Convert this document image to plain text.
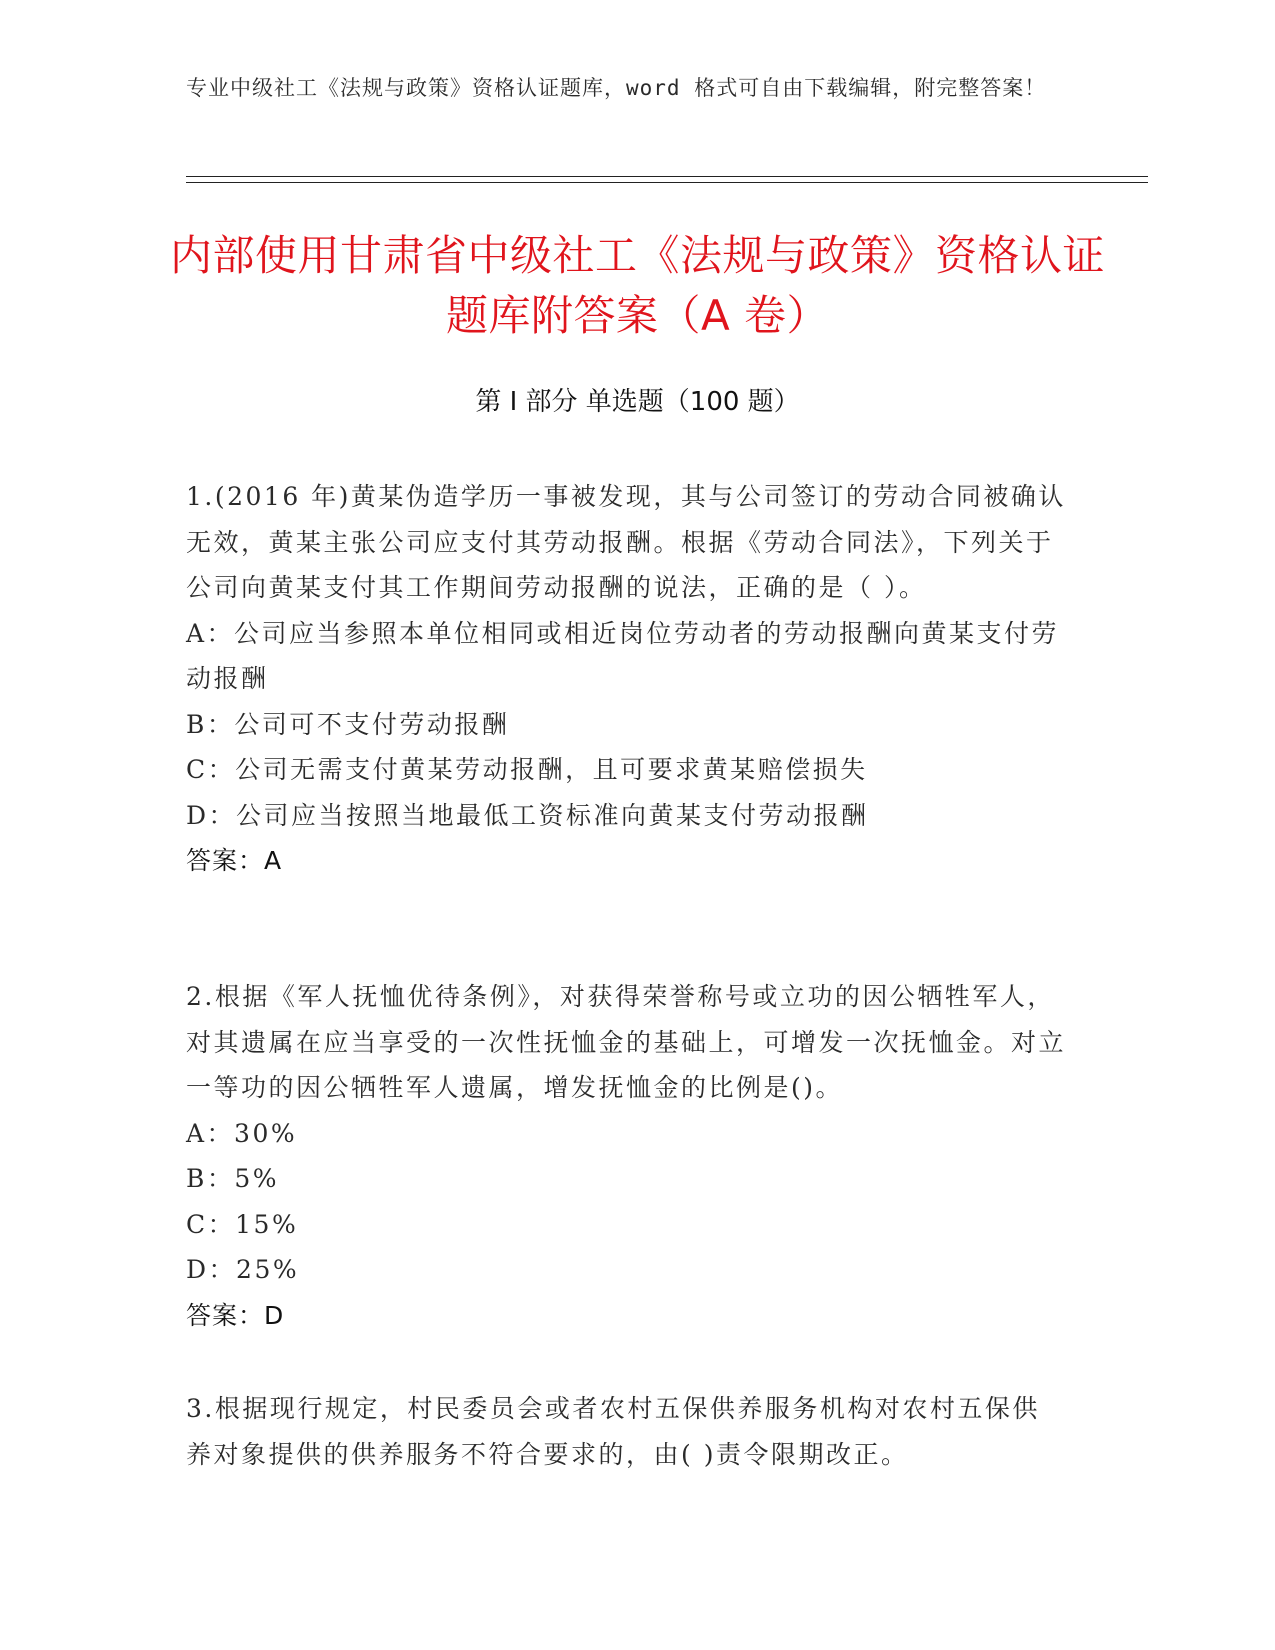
专业中级社工《法规与政策》资格认证题库，word 格式可自由下载编辑，附完整答案！
内部使用甘肃省中级社工《法规与政策》资格认证题库附答案（A 卷）
第 I 部分 单选题（100 题）

1.(2016 年)黄某伪造学历一事被发现，其与公司签订的劳动合同被确认无效，黄某主张公司应支付其劳动报酬。根据《劳动合同法》，下列关于公司向黄某支付其工作期间劳动报酬的说法，正确的是（ ）。

A：公司应当参照本单位相同或相近岗位劳动者的劳动报酬向黄某支付劳动报酬

B：公司可不支付劳动报酬

C：公司无需支付黄某劳动报酬，且可要求黄某赔偿损失

D：公司应当按照当地最低工资标准向黄某支付劳动报酬

答案：A

2.根据《军人抚恤优待条例》，对获得荣誉称号或立功的因公牺牲军人，对其遗属在应当享受的一次性抚恤金的基础上，可增发一次抚恤金。对立一等功的因公牺牲军人遗属，增发抚恤金的比例是()。

A：30%

B：5%

C：15%

D：25%

答案：D

3.根据现行规定，村民委员会或者农村五保供养服务机构对农村五保供养对象提供的供养服务不符合要求的，由( )责令限期改正。
